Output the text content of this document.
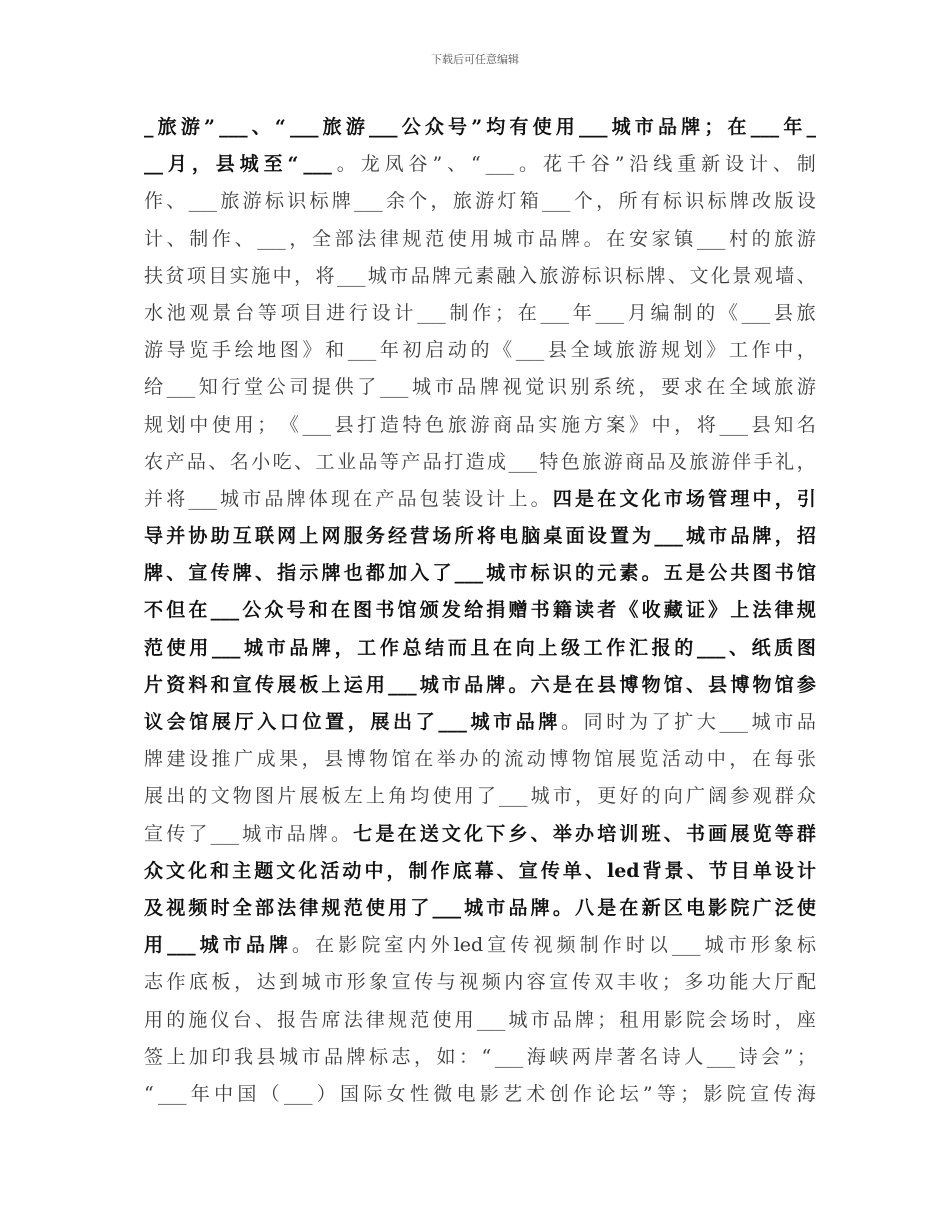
下载后可任意编辑
_ 旅 游 ” ___ 、 “ ___ 旅 游 ___ 公 众 号 ” 均 有 使 用 ___ 城 市 品 牌 ； 在 ___ 年 _
__ 月 ， 县 城 至 “ ___ 。 龙 凤 谷 ” 、 “ ___ 。 花 千 谷 ” 沿 线 重 新 设 计 、 制
作 、 ___ 旅 游 标 识 标 牌 ___ 余 个 ， 旅 游 灯 箱 ___ 个 ， 所 有 标 识 标 牌 改 版 设
计 、 制 作 、 ___ ， 全 部 法 律 规 范 使 用 城 市 品 牌 。 在 安 家 镇 ___ 村 的 旅 游
扶 贫 项 目 实 施 中 ， 将 ___ 城 市 品 牌 元 素 融 入 旅 游 标 识 标 牌 、 文 化 景 观 墙 、
水 池 观 景 台 等 项 目 进 行 设 计 ___ 制 作 ； 在 ___ 年 ___ 月 编 制 的 《 ___ 县 旅
游 导 览 手 绘 地 图 》 和 ___ 年 初 启 动 的 《 ___ 县 全 域 旅 游 规 划 》 工 作 中 ，
给 ___ 知 行 堂 公 司 提 供 了 ___ 城 市 品 牌 视 觉 识 别 系 统 ， 要 求 在 全 域 旅 游
规 划 中 使 用 ； 《 ___ 县 打 造 特 色 旅 游 商 品 实 施 方 案 》 中 ， 将 ___ 县 知 名
农 产 品 、 名 小 吃 、 工 业 品 等 产 品 打 造 成 ___ 特 色 旅 游 商 品 及 旅 游 伴 手 礼 ，
并 将 ___ 城 市 品 牌 体 现 在 产 品 包 装 设 计 上 。 四 是 在 文 化 市 场 管 理 中 ， 引
导 并 协 助 互 联 网 上 网 服 务 经 营 场 所 将 电 脑 桌 面 设 置 为 ___ 城 市 品 牌 ， 招
牌 、 宣 传 牌 、 指 示 牌 也 都 加 入 了 ___ 城 市 标 识 的 元 素 。 五 是 公 共 图 书 馆
不 但 在 ___ 公 众 号 和 在 图 书 馆 颁 发 给 捐 赠 书 籍 读 者 《 收 藏 证 》 上 法 律 规
范 使 用 ___ 城 市 品 牌 ， 工 作 总 结 而 且 在 向 上 级 工 作 汇 报 的 ___ 、 纸 质 图
片 资 料 和 宣 传 展 板 上 运 用 ___ 城 市 品 牌 。 六 是 在 县 博 物 馆 、 县 博 物 馆 参
议 会 馆 展 厅 入 口 位 置 ， 展 出 了 ___ 城 市 品 牌 。 同 时 为 了 扩 大 ___ 城 市 品
牌 建 设 推 广 成 果 ， 县 博 物 馆 在 举 办 的 流 动 博 物 馆 展 览 活 动 中 ， 在 每 张
展 出 的 文 物 图 片 展 板 左 上 角 均 使 用 了 ___ 城 市 ， 更 好 的 向 广 阔 参 观 群 众
宣 传 了 ___ 城 市 品 牌 。 七 是 在 送 文 化 下 乡 、 举 办 培 训 班 、 书 画 展 览 等 群
众 文 化 和 主 题 文 化 活 动 中 ， 制 作 底 幕 、 宣 传 单 、 led 背 景 、 节 目 单 设 计
及 视 频 时 全 部 法 律 规 范 使 用 了 ___ 城 市 品 牌 。 八 是 在 新 区 电 影 院 广 泛 使
用 ___ 城 市 品 牌 。 在 影 院 室 内 外 led 宣 传 视 频 制 作 时 以 ___ 城 市 形 象 标
志 作 底 板 ， 达 到 城 市 形 象 宣 传 与 视 频 内 容 宣 传 双 丰 收 ； 多 功 能 大 厅 配
用 的 施 仪 台 、 报 告 席 法 律 规 范 使 用 ___ 城 市 品 牌 ； 租 用 影 院 会 场 时 ， 座
签 上 加 印 我 县 城 市 品 牌 标 志 ， 如 ： “ ___ 海 峡 两 岸 著 名 诗 人 ___ 诗 会 ” ；
“ ___ 年 中 国 （ ___ ） 国 际 女 性 微 电 影 艺 术 创 作 论 坛 ” 等 ； 影 院 宣 传 海
